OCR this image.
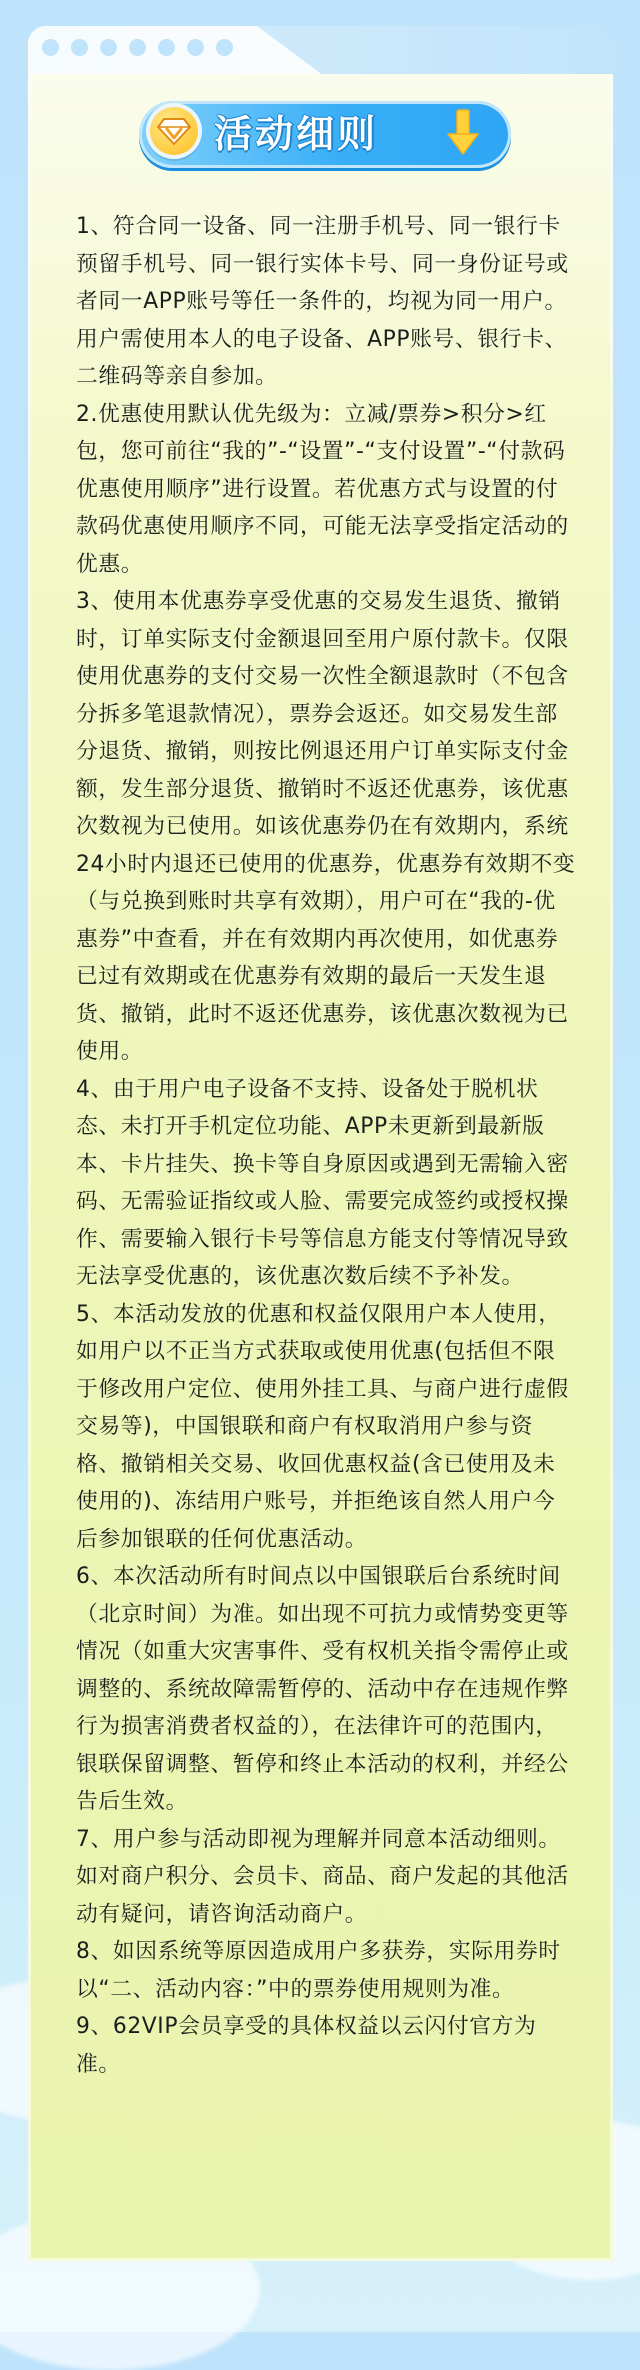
活动细则

1、符合同一设备、同一注册手机号、同一银行卡预留手机号、同一银行实体卡号、同一身份证号或者同一APP账号等任一条件的，均视为同一用户。用户需使用本人的电子设备、APP账号、银行卡、二维码等亲自参加。

2.优惠使用默认优先级为：立减/票券>积分>红包，您可前往“我的”-“设置”-“支付设置”-“付款码优惠使用顺序”进行设置。若优惠方式与设置的付款码优惠使用顺序不同，可能无法享受指定活动的优惠。

3、使用本优惠券享受优惠的交易发生退货、撤销时，订单实际支付金额退回至用户原付款卡。仅限使用优惠券的支付交易一次性全额退款时（不包含分拆多笔退款情况），票券会返还。如交易发生部分退货、撤销，则按比例退还用户订单实际支付金额，发生部分退货、撤销时不返还优惠券，该优惠次数视为已使用。如该优惠券仍在有效期内，系统24小时内退还已使用的优惠券，优惠券有效期不变（与兑换到账时共享有效期），用户可在“我的-优惠券”中查看，并在有效期内再次使用，如优惠券已过有效期或在优惠券有效期的最后一天发生退货、撤销，此时不返还优惠券，该优惠次数视为已使用。

4、由于用户电子设备不支持、设备处于脱机状态、未打开手机定位功能、APP未更新到最新版本、卡片挂失、换卡等自身原因或遇到无需输入密码、无需验证指纹或人脸、需要完成签约或授权操作、需要输入银行卡号等信息方能支付等情况导致无法享受优惠的，该优惠次数后续不予补发。

5、本活动发放的优惠和权益仅限用户本人使用，如用户以不正当方式获取或使用优惠(包括但不限于修改用户定位、使用外挂工具、与商户进行虚假交易等)，中国银联和商户有权取消用户参与资格、撤销相关交易、收回优惠权益(含已使用及未使用的)、冻结用户账号，并拒绝该自然人用户今后参加银联的任何优惠活动。

6、本次活动所有时间点以中国银联后台系统时间（北京时间）为准。如出现不可抗力或情势变更等情况（如重大灾害事件、受有权机关指令需停止或调整的、系统故障需暂停的、活动中存在违规作弊行为损害消费者权益的），在法律许可的范围内，银联保留调整、暂停和终止本活动的权利，并经公告后生效。

7、用户参与活动即视为理解并同意本活动细则。如对商户积分、会员卡、商品、商户发起的其他活动有疑问，请咨询活动商户。

8、如因系统等原因造成用户多获券，实际用券时以“二、活动内容：”中的票券使用规则为准。

9、62VIP会员享受的具体权益以云闪付官方为准。
